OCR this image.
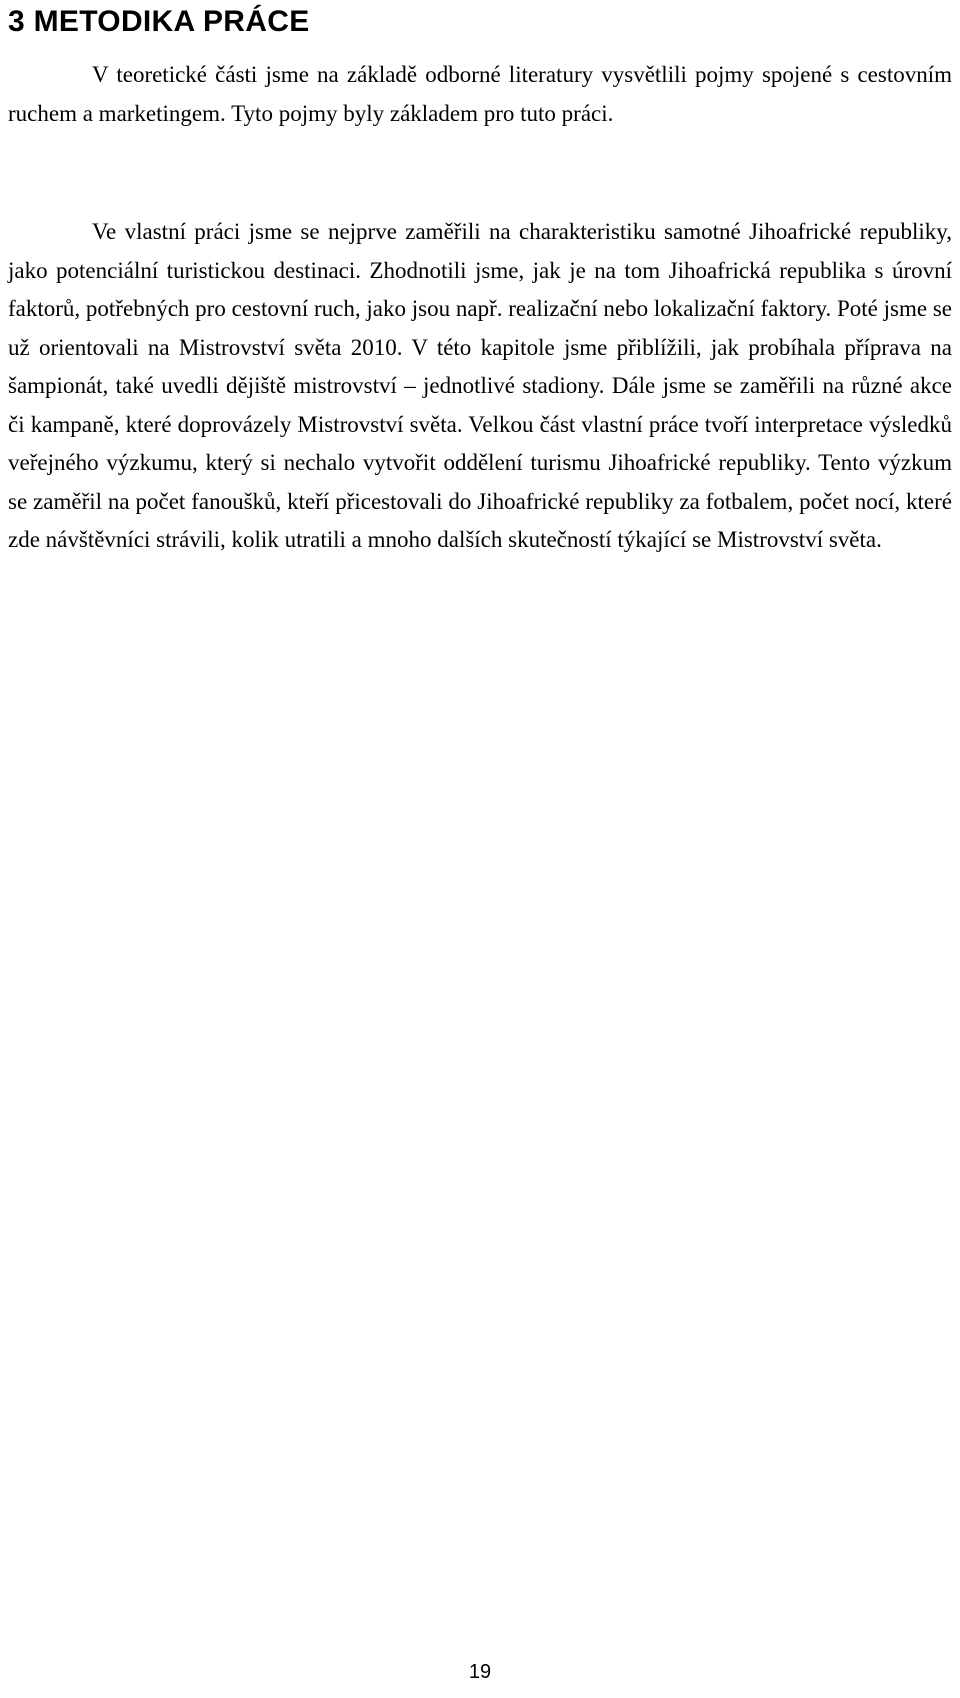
3 METODIKA PRÁCE

V teoretické části jsme na základě odborné literatury vysvětlili pojmy spojené s cestovním ruchem a marketingem. Tyto pojmy byly základem pro tuto práci.

Ve vlastní práci jsme se nejprve zaměřili na charakteristiku samotné Jihoafrické republiky, jako potenciální turistickou destinaci. Zhodnotili jsme, jak je na tom Jihoafrická republika s úrovní faktorů, potřebných pro cestovní ruch, jako jsou např. realizační nebo lokalizační faktory. Poté jsme se už orientovali na Mistrovství světa 2010. V této kapitole jsme přiblížili, jak probíhala příprava na šampionát, také uvedli dějiště mistrovství – jednotlivé stadiony. Dále jsme se zaměřili na různé akce či kampaně, které doprovázely Mistrovství světa. Velkou část vlastní práce tvoří interpretace výsledků veřejného výzkumu, který si nechalo vytvořit oddělení turismu Jihoafrické republiky. Tento výzkum se zaměřil na počet fanoušků, kteří přicestovali do Jihoafrické republiky za fotbalem, počet nocí, které zde návštěvníci strávili, kolik utratili a mnoho dalších skutečností týkající se Mistrovství světa.

19
